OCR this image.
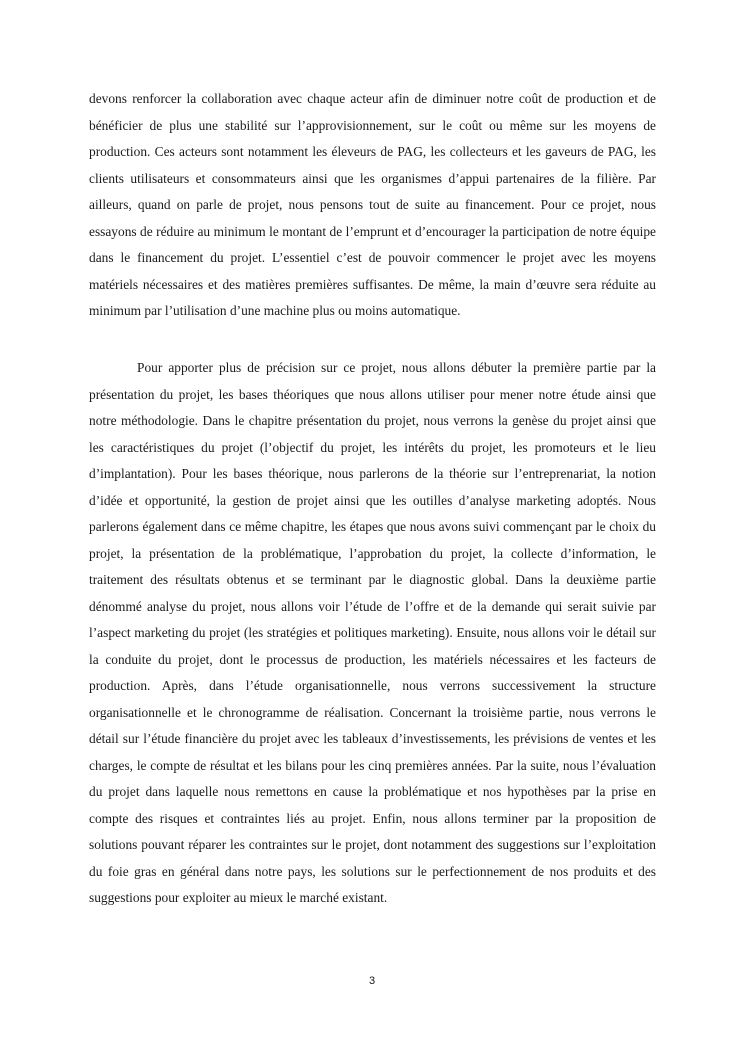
devons renforcer la collaboration avec chaque acteur afin de diminuer notre coût de production et de bénéficier de plus une stabilité sur l’approvisionnement, sur le coût ou même sur les moyens de production. Ces acteurs sont notamment les éleveurs de PAG, les collecteurs et les gaveurs de PAG, les clients utilisateurs et consommateurs ainsi que les organismes d’appui partenaires de la filière. Par ailleurs, quand on parle de projet, nous pensons tout de suite au financement. Pour ce projet, nous essayons de réduire au minimum le montant de l’emprunt et d’encourager la participation de notre équipe dans le financement du projet. L’essentiel c’est de pouvoir commencer le projet avec les moyens matériels nécessaires et des matières premières suffisantes. De même, la main d’œuvre sera réduite au minimum par l’utilisation d’une machine plus ou moins automatique.

Pour apporter plus de précision sur ce projet, nous allons débuter la première partie par la présentation du projet, les bases théoriques que nous allons utiliser pour mener notre étude ainsi que notre méthodologie. Dans le chapitre présentation du projet, nous verrons la genèse du projet ainsi que les caractéristiques du projet (l’objectif du projet, les intérêts du projet, les promoteurs et le lieu d’implantation). Pour les bases théorique, nous parlerons de la théorie sur l’entreprenariat, la notion d’idée et opportunité, la gestion de projet ainsi que les outilles d’analyse marketing adoptés. Nous parlerons également dans ce même chapitre, les étapes que nous avons suivi commençant par le choix du projet, la présentation de la problématique, l’approbation du projet, la collecte d’information, le traitement des résultats obtenus et se terminant par le diagnostic global. Dans la deuxième partie dénommé analyse du projet, nous allons voir l’étude de l’offre et de la demande qui serait suivie par l’aspect marketing du projet (les stratégies et politiques marketing). Ensuite, nous allons voir le détail sur la conduite du projet, dont le processus de production, les matériels nécessaires et les facteurs de production. Après, dans l’étude organisationnelle, nous verrons successivement la structure organisationnelle et le chronogramme de réalisation. Concernant la troisième partie, nous verrons le détail sur l’étude financière du projet avec les tableaux d’investissements, les prévisions de ventes et les charges, le compte de résultat et les bilans pour les cinq premières années. Par la suite, nous l’évaluation du projet dans laquelle nous remettons en cause la problématique et nos hypothèses par la prise en compte des risques et contraintes liés au projet. Enfin, nous allons terminer par la proposition de solutions pouvant réparer les contraintes sur le projet, dont notamment des suggestions sur l’exploitation du foie gras en général dans notre pays, les solutions sur le perfectionnement de nos produits et des suggestions pour exploiter au mieux le marché existant.

3
